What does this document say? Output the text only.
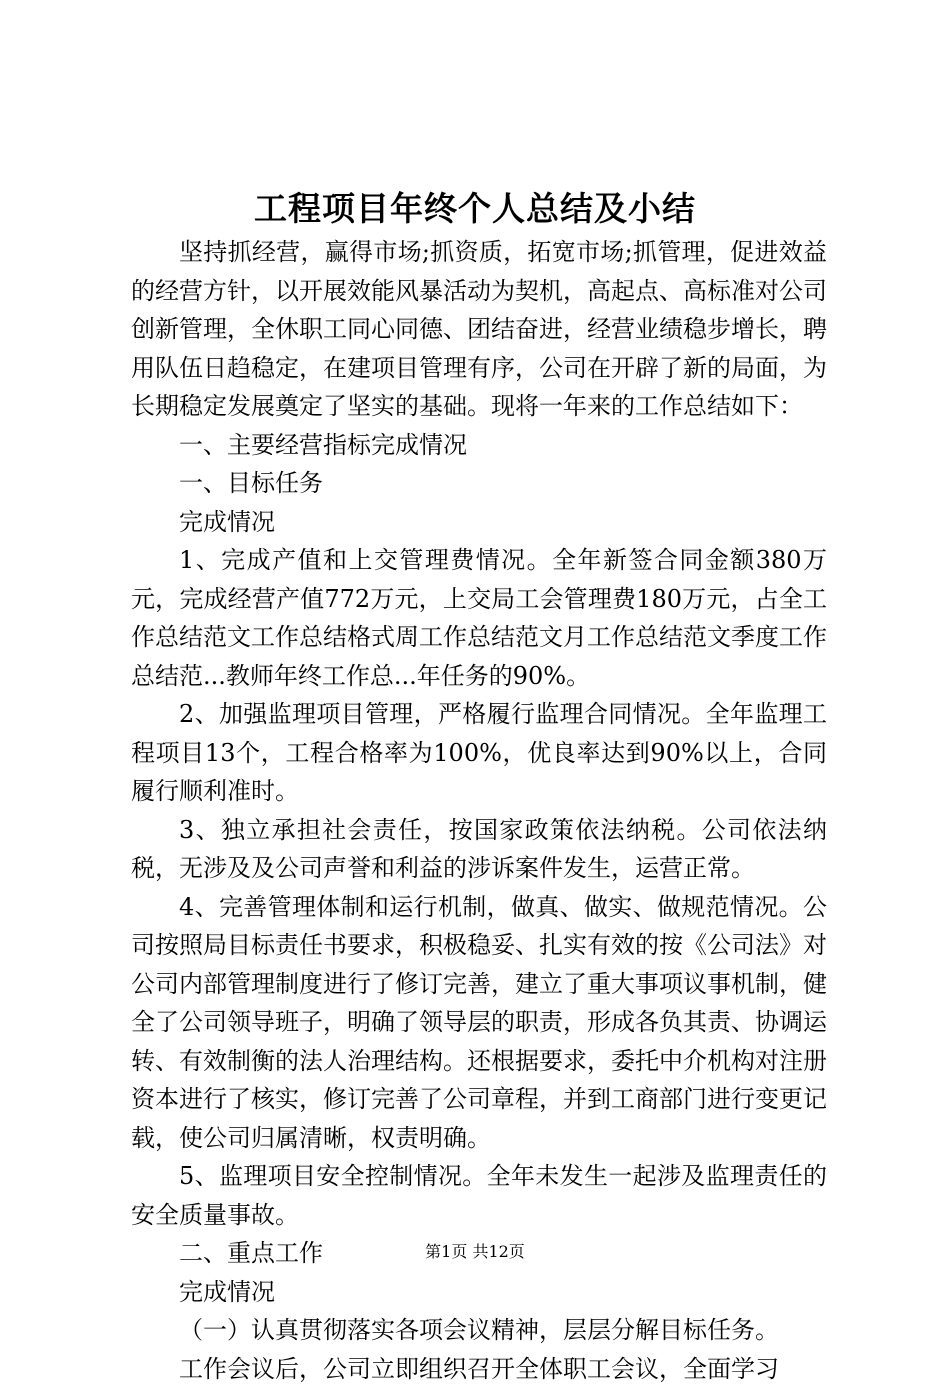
工程项目年终个人总结及小结

坚持抓经营，赢得市场;抓资质，拓宽市场;抓管理，促进效益的经营方针，以开展效能风暴活动为契机，高起点、高标准对公司创新管理，全休职工同心同德、团结奋进，经营业绩稳步增长，聘用队伍日趋稳定，在建项目管理有序，公司在开辟了新的局面，为长期稳定发展奠定了坚实的基础。现将一年来的工作总结如下：

一、主要经营指标完成情况

一、目标任务

完成情况

1、完成产值和上交管理费情况。全年新签合同金额380万元，完成经营产值772万元，上交局工会管理费180万元，占全工作总结范文工作总结格式周工作总结范文月工作总结范文季度工作总结范...教师年终工作总...年任务的90%。

2、加强监理项目管理，严格履行监理合同情况。全年监理工程项目13个，工程合格率为100%，优良率达到90%以上，合同履行顺利准时。

3、独立承担社会责任，按国家政策依法纳税。公司依法纳税，无涉及及公司声誉和利益的涉诉案件发生，运营正常。

4、完善管理体制和运行机制，做真、做实、做规范情况。公司按照局目标责任书要求，积极稳妥、扎实有效的按《公司法》对公司内部管理制度进行了修订完善，建立了重大事项议事机制，健全了公司领导班子，明确了领导层的职责，形成各负其责、协调运转、有效制衡的法人治理结构。还根据要求，委托中介机构对注册资本进行了核实，修订完善了公司章程，并到工商部门进行变更记载，使公司归属清晰，权责明确。

5、监理项目安全控制情况。全年未发生一起涉及监理责任的安全质量事故。

二、重点工作

完成情况

（一）认真贯彻落实各项会议精神，层层分解目标任务。

工作会议后，公司立即组织召开全体职工会议，全面学习

第1页 共12页
